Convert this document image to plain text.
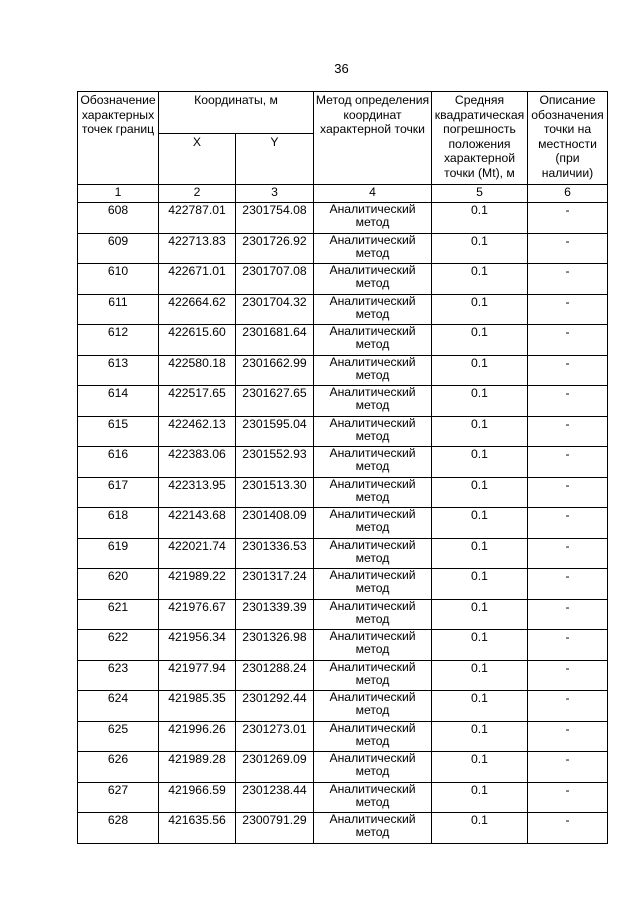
36
Обозначение характерных точек границ	Координаты, м		Метод определения координат характерной точки	Средняя квадратическая погрешность положения характерной точки (Mt), м	Описание обозначения точки на местности (при наличии)

	X	Y			

1	2	3	4	5	6
608	422787.01	2301754.08	Аналитический метод	0.1	-
609	422713.83	2301726.92	Аналитический метод	0.1	-
610	422671.01	2301707.08	Аналитический метод	0.1	-
611	422664.62	2301704.32	Аналитический метод	0.1	-
612	422615.60	2301681.64	Аналитический метод	0.1	-
613	422580.18	2301662.99	Аналитический метод	0.1	-
614	422517.65	2301627.65	Аналитический метод	0.1	-
615	422462.13	2301595.04	Аналитический метод	0.1	-
616	422383.06	2301552.93	Аналитический метод	0.1	-
617	422313.95	2301513.30	Аналитический метод	0.1	-
618	422143.68	2301408.09	Аналитический метод	0.1	-
619	422021.74	2301336.53	Аналитический метод	0.1	-
620	421989.22	2301317.24	Аналитический метод	0.1	-
621	421976.67	2301339.39	Аналитический метод	0.1	-
622	421956.34	2301326.98	Аналитический метод	0.1	-
623	421977.94	2301288.24	Аналитический метод	0.1	-
624	421985.35	2301292.44	Аналитический метод	0.1	-
625	421996.26	2301273.01	Аналитический метод	0.1	-
626	421989.28	2301269.09	Аналитический метод	0.1	-
627	421966.59	2301238.44	Аналитический метод	0.1	-
628	421635.56	2300791.29	Аналитический метод	0.1	-
